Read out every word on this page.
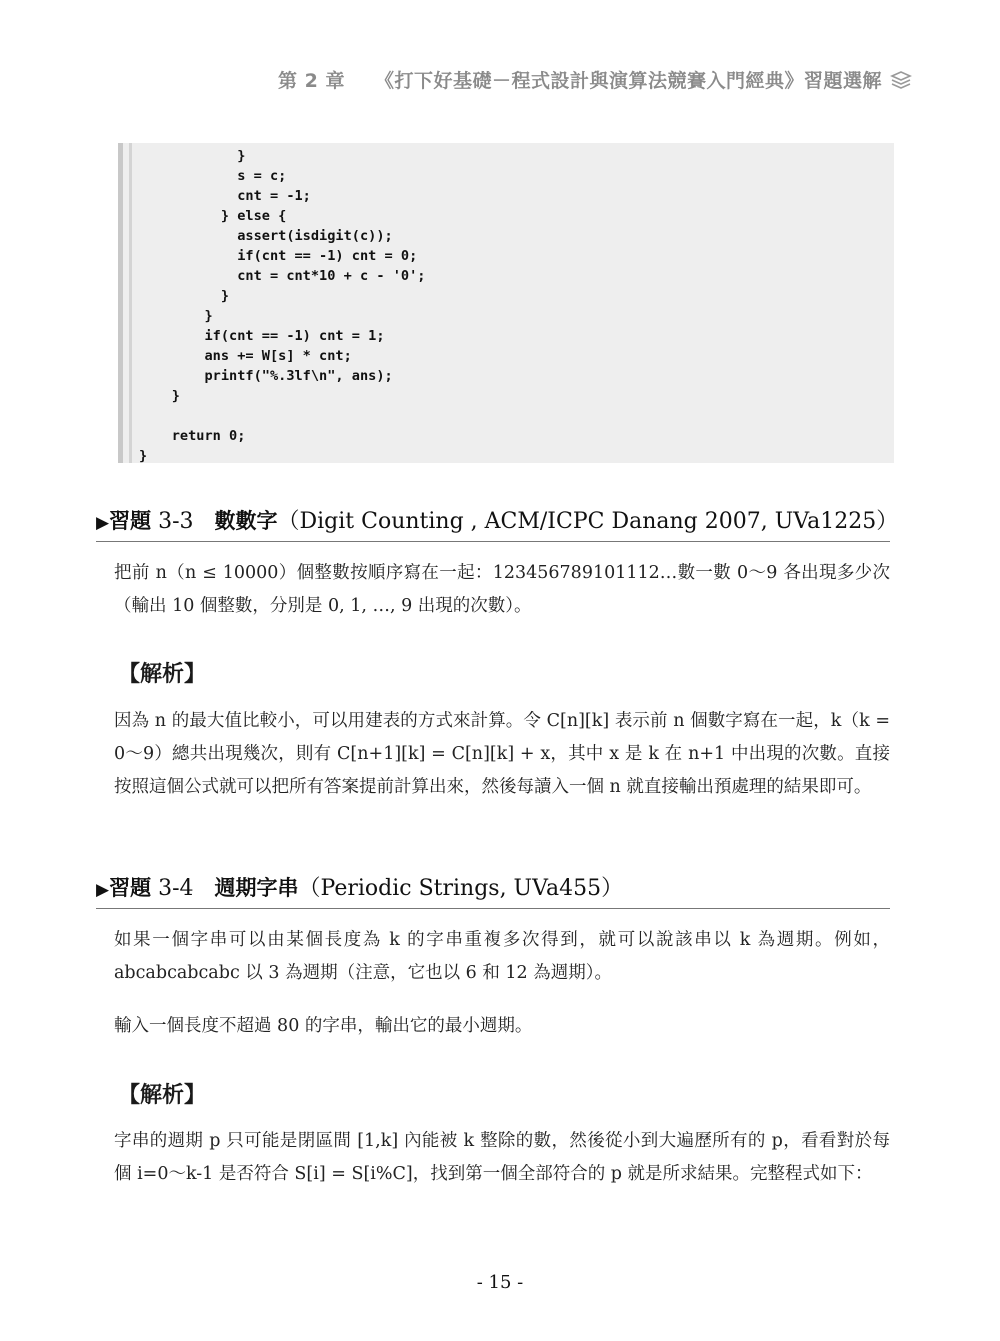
第 2 章 《打下好基礎－程式設計與演算法競賽入門經典》習題選解
}
s = c;
cnt = -1;
} else {
assert(isdigit(c));
if(cnt == -1) cnt = 0;
cnt = cnt*10 + c - '0';
}
}
if(cnt == -1) cnt = 1;
ans += W[s] * cnt;
printf("%.3lf\n", ans);
}

return 0;
}
▶習題 3-3 數數字（Digit Counting , ACM/ICPC Danang 2007, UVa1225）
把前 n（n ≤ 10000）個整數按順序寫在一起：123456789101112…數一數 0～9 各出現多少次（輸出 10 個整數，分別是 0, 1, …, 9 出現的次數）。
【解析】
因為 n 的最大值比較小，可以用建表的方式來計算。令 C[n][k] 表示前 n 個數字寫在一起，k（k = 0～9）總共出現幾次，則有 C[n+1][k] = C[n][k] + x，其中 x 是 k 在 n+1 中出現的次數。直接按照這個公式就可以把所有答案提前計算出來，然後每讀入一個 n 就直接輸出預處理的結果即可。
▶習題 3-4 週期字串（Periodic Strings, UVa455）
如果一個字串可以由某個長度為 k 的字串重複多次得到，就可以說該串以 k 為週期。例如，abcabcabcabc 以 3 為週期（注意，它也以 6 和 12 為週期）。
輸入一個長度不超過 80 的字串，輸出它的最小週期。
【解析】
字串的週期 p 只可能是閉區間 [1,k] 內能被 k 整除的數，然後從小到大遍歷所有的 p，看看對於每個 i=0～k-1 是否符合 S[i] = S[i%C]，找到第一個全部符合的 p 就是所求結果。完整程式如下：
- 15 -
